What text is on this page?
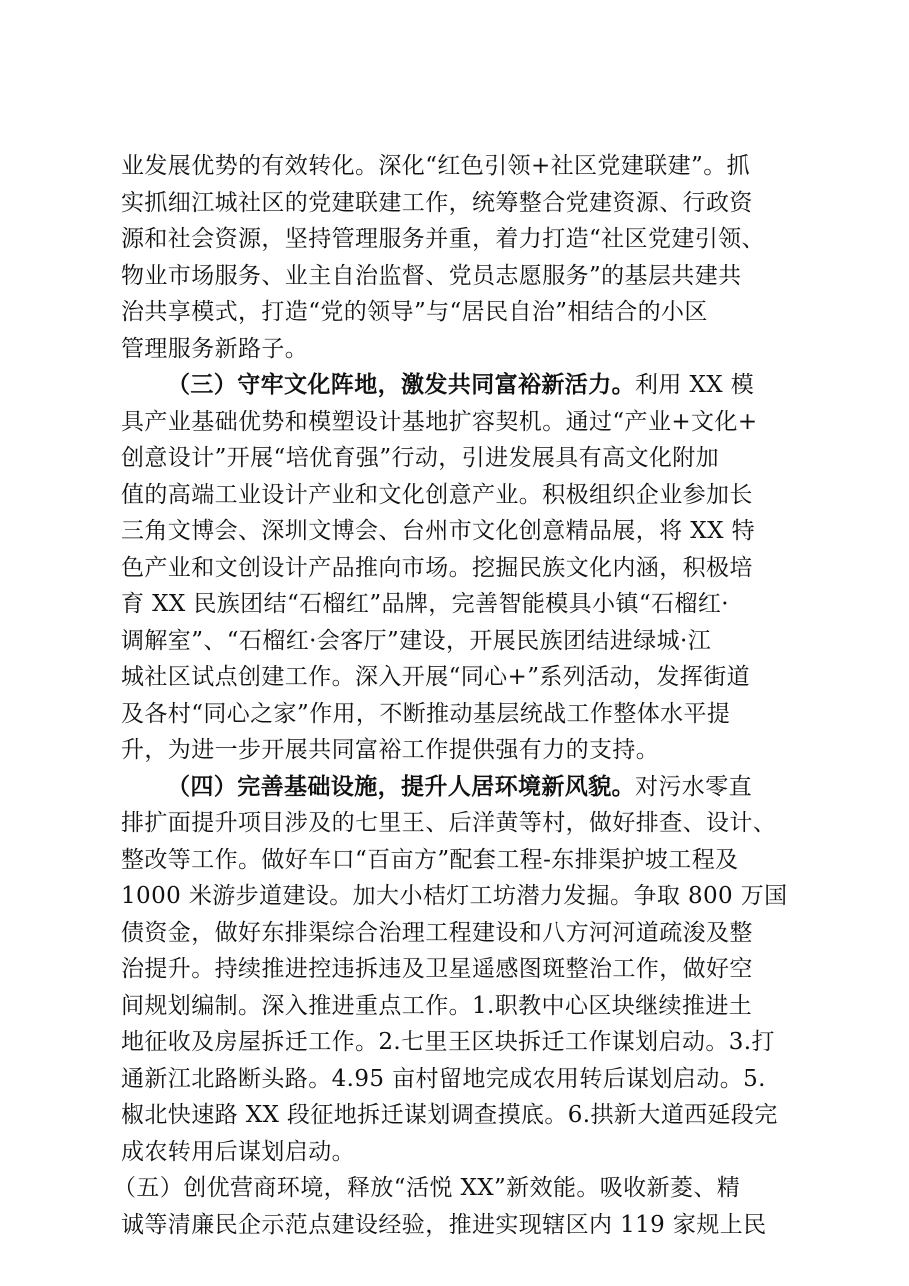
业发展优势的有效转化。深化“红色引领+社区党建联建”。抓
实抓细江城社区的党建联建工作，统筹整合党建资源、行政资
源和社会资源，坚持管理服务并重，着力打造“社区党建引领、
物业市场服务、业主自治监督、党员志愿服务”的基层共建共
治共享模式，打造“党的领导”与“居民自治”相结合的小区
管理服务新路子。
（三）守牢文化阵地，激发共同富裕新活力。利用 XX 模
具产业基础优势和模塑设计基地扩容契机。通过“产业+文化+
创意设计”开展“培优育强”行动，引进发展具有高文化附加
值的高端工业设计产业和文化创意产业。积极组织企业参加长
三角文博会、深圳文博会、台州市文化创意精品展，将 XX 特
色产业和文创设计产品推向市场。挖掘民族文化内涵，积极培
育 XX 民族团结“石榴红”品牌，完善智能模具小镇“石榴红·
调解室”、“石榴红·会客厅”建设，开展民族团结进绿城·江
城社区试点创建工作。深入开展“同心+”系列活动，发挥街道
及各村“同心之家”作用，不断推动基层统战工作整体水平提
升，为进一步开展共同富裕工作提供强有力的支持。
（四）完善基础设施，提升人居环境新风貌。对污水零直
排扩面提升项目涉及的七里王、后洋黄等村，做好排查、设计、
整改等工作。做好车口“百亩方”配套工程-东排渠护坡工程及
1000 米游步道建设。加大小桔灯工坊潜力发掘。争取 800 万国
债资金，做好东排渠综合治理工程建设和八方河河道疏浚及整
治提升。持续推进控违拆违及卫星遥感图斑整治工作，做好空
间规划编制。深入推进重点工作。1.职教中心区块继续推进土
地征收及房屋拆迁工作。2.七里王区块拆迁工作谋划启动。3.打
通新江北路断头路。4.95 亩村留地完成农用转后谋划启动。5.
椒北快速路 XX 段征地拆迁谋划调查摸底。6.拱新大道西延段完
成农转用后谋划启动。
（五）创优营商环境，释放“活悦 XX”新效能。吸收新菱、精
诚等清廉民企示范点建设经验，推进实现辖区内 119 家规上民
